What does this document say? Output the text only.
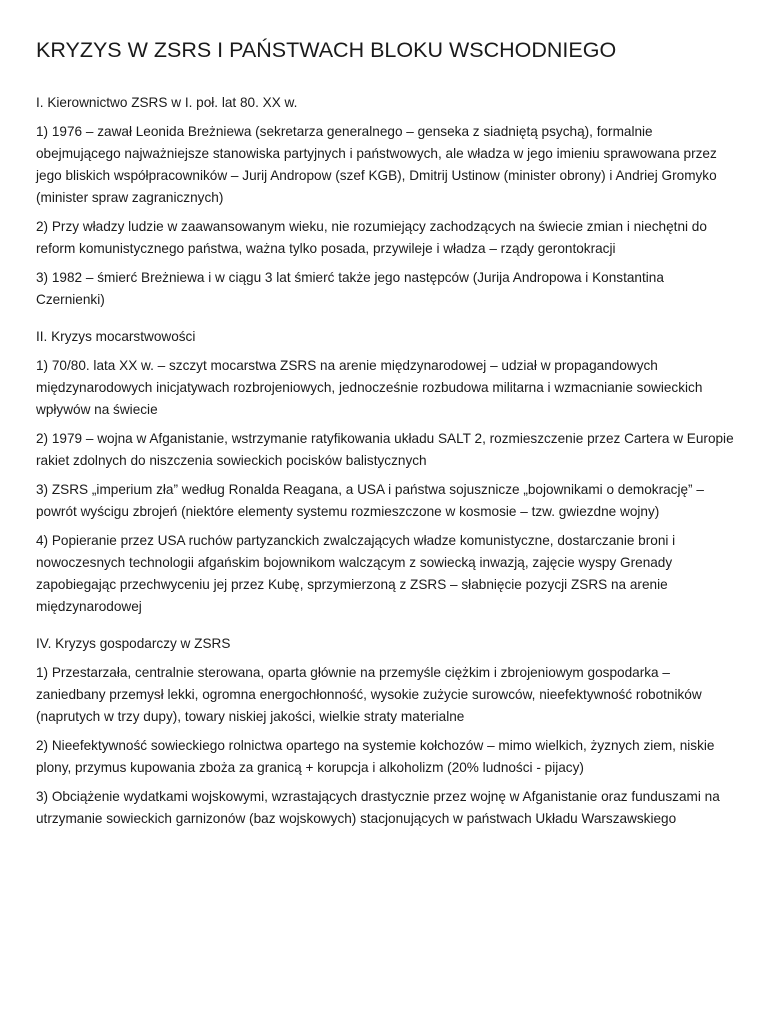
KRYZYS W ZSRS I PAŃSTWACH BLOKU WSCHODNIEGO

I. Kierownictwo ZSRS w I. poł. lat 80. XX w.

1) 1976 – zawał Leonida Breżniewa (sekretarza generalnego – genseka z siadniętą psychą), formalnie obejmującego najważniejsze stanowiska partyjnych i państwowych, ale władza w jego imieniu sprawowana przez jego bliskich współpracowników – Jurij Andropow (szef KGB), Dmitrij Ustinow (minister obrony) i Andriej Gromyko (minister spraw zagranicznych)

2) Przy władzy ludzie w zaawansowanym wieku, nie rozumiejący zachodzących na świecie zmian i niechętni do reform komunistycznego państwa, ważna tylko posada, przywileje i władza – rządy gerontokracji

3) 1982 – śmierć Breżniewa i w ciągu 3 lat śmierć także jego następców (Jurija Andropowa i Konstantina Czernienki)

II. Kryzys mocarstwowości

1) 70/80. lata XX w. – szczyt mocarstwa ZSRS na arenie międzynarodowej – udział w propagandowych międzynarodowych inicjatywach rozbrojeniowych, jednocześnie rozbudowa militarna i wzmacnianie sowieckich wpływów na świecie

2) 1979 – wojna w Afganistanie, wstrzymanie ratyfikowania układu SALT 2, rozmieszczenie przez Cartera w Europie rakiet zdolnych do niszczenia sowieckich pocisków balistycznych

3) ZSRS „imperium zła” według Ronalda Reagana, a USA i państwa sojusznicze „bojownikami o demokrację” – powrót wyścigu zbrojeń (niektóre elementy systemu rozmieszczone w kosmosie – tzw. gwiezdne wojny)

4) Popieranie przez USA ruchów partyzanckich zwalczających władze komunistyczne, dostarczanie broni i nowoczesnych technologii afgańskim bojownikom walczącym z sowiecką inwazją, zajęcie wyspy Grenady zapobiegając przechwyceniu jej przez Kubę, sprzymierzoną z ZSRS – słabnięcie pozycji ZSRS na arenie międzynarodowej

IV. Kryzys gospodarczy w ZSRS

1) Przestarzała, centralnie sterowana, oparta głównie na przemyśle ciężkim i zbrojeniowym gospodarka – zaniedbany przemysł lekki, ogromna energochłonność, wysokie zużycie surowców, nieefektywność robotników (naprutych w trzy dupy), towary niskiej jakości, wielkie straty materialne

2) Nieefektywność sowieckiego rolnictwa opartego na systemie kołchozów – mimo wielkich, żyznych ziem, niskie plony, przymus kupowania zboża za granicą + korupcja i alkoholizm (20% ludności - pijacy)

3) Obciążenie wydatkami wojskowymi, wzrastających drastycznie przez wojnę w Afganistanie oraz funduszami na utrzymanie sowieckich garnizonów (baz wojskowych) stacjonujących w państwach Układu Warszawskiego
